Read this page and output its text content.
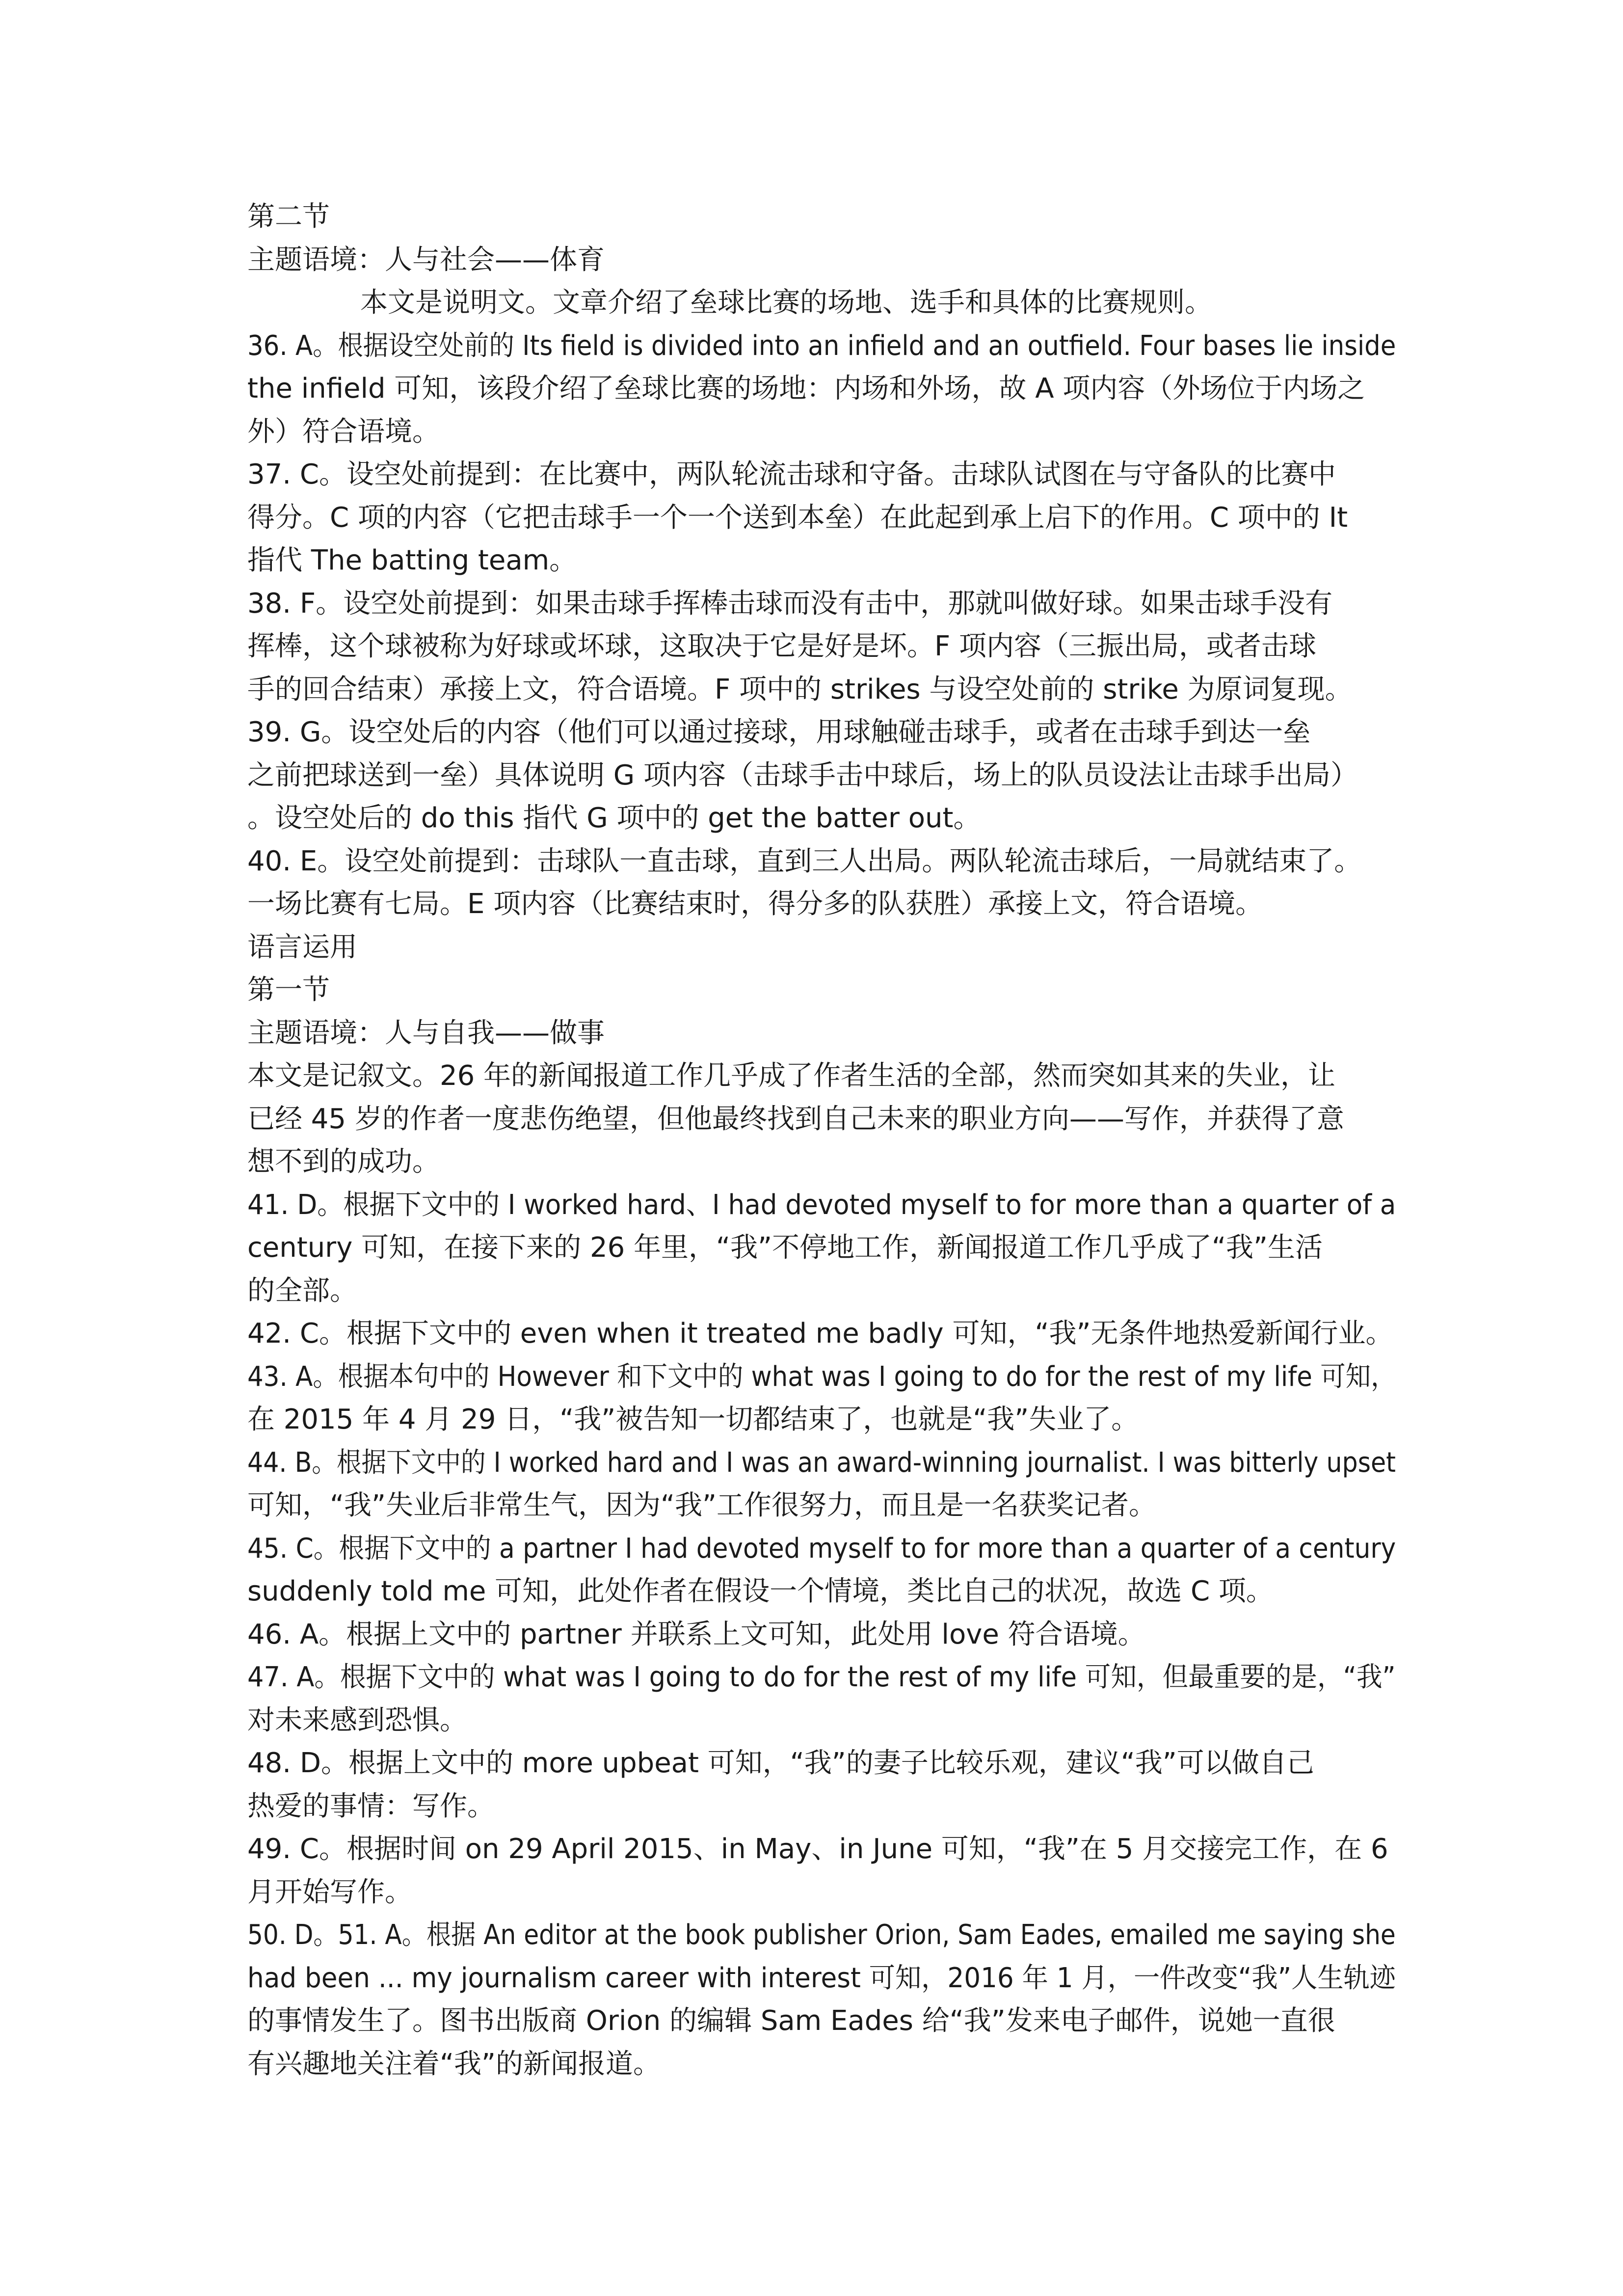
第二节
主题语境：人与社会——体育
本文是说明文。文章介绍了垒球比赛的场地、选手和具体的比赛规则。
36. A。根据设空处前的 Its field is divided into an infield and an outfield. Four bases lie inside
the infield 可知，该段介绍了垒球比赛的场地：内场和外场，故 A 项内容（外场位于内场之
外）符合语境。
37. C。设空处前提到：在比赛中，两队轮流击球和守备。击球队试图在与守备队的比赛中
得分。C 项的内容（它把击球手一个一个送到本垒）在此起到承上启下的作用。C 项中的 It
指代 The batting team。
38. F。设空处前提到：如果击球手挥棒击球而没有击中，那就叫做好球。如果击球手没有
挥棒，这个球被称为好球或坏球，这取决于它是好是坏。F 项内容（三振出局，或者击球
手的回合结束）承接上文，符合语境。F 项中的 strikes 与设空处前的 strike 为原词复现。
39. G。设空处后的内容（他们可以通过接球，用球触碰击球手，或者在击球手到达一垒
之前把球送到一垒）具体说明 G 项内容（击球手击中球后，场上的队员设法让击球手出局）
。设空处后的 do this 指代 G 项中的 get the batter out。
40. E。设空处前提到：击球队一直击球，直到三人出局。两队轮流击球后，一局就结束了。
一场比赛有七局。E 项内容（比赛结束时，得分多的队获胜）承接上文，符合语境。
语言运用
第一节
主题语境：人与自我——做事
本文是记叙文。26 年的新闻报道工作几乎成了作者生活的全部，然而突如其来的失业，让
已经 45 岁的作者一度悲伤绝望，但他最终找到自己未来的职业方向——写作，并获得了意
想不到的成功。
41. D。根据下文中的 I worked hard、I had devoted myself to for more than a quarter of a
century 可知，在接下来的 26 年里，“我”不停地工作，新闻报道工作几乎成了“我”生活
的全部。
42. C。根据下文中的 even when it treated me badly 可知，“我”无条件地热爱新闻行业。
43. A。根据本句中的 However 和下文中的 what was I going to do for the rest of my life 可知，
在 2015 年 4 月 29 日，“我”被告知一切都结束了，也就是“我”失业了。
44. B。根据下文中的 I worked hard and I was an award‑winning journalist. I was bitterly upset
可知，“我”失业后非常生气，因为“我”工作很努力，而且是一名获奖记者。
45. C。根据下文中的 a partner I had devoted myself to for more than a quarter of a century
suddenly told me 可知，此处作者在假设一个情境，类比自己的状况，故选 C 项。
46. A。根据上文中的 partner 并联系上文可知，此处用 love 符合语境。
47. A。根据下文中的 what was I going to do for the rest of my life 可知，但最重要的是，“我”
对未来感到恐惧。
48. D。根据上文中的 more upbeat 可知，“我”的妻子比较乐观，建议“我”可以做自己
热爱的事情：写作。
49. C。根据时间 on 29 April 2015、in May、in June 可知，“我”在 5 月交接完工作，在 6
月开始写作。
50. D。51. A。根据 An editor at the book publisher Orion, Sam Eades, emailed me saying she
had been ... my journalism career with interest 可知，2016 年 1 月，一件改变“我”人生轨迹
的事情发生了。图书出版商 Orion 的编辑 Sam Eades 给“我”发来电子邮件，说她一直很
有兴趣地关注着“我”的新闻报道。
